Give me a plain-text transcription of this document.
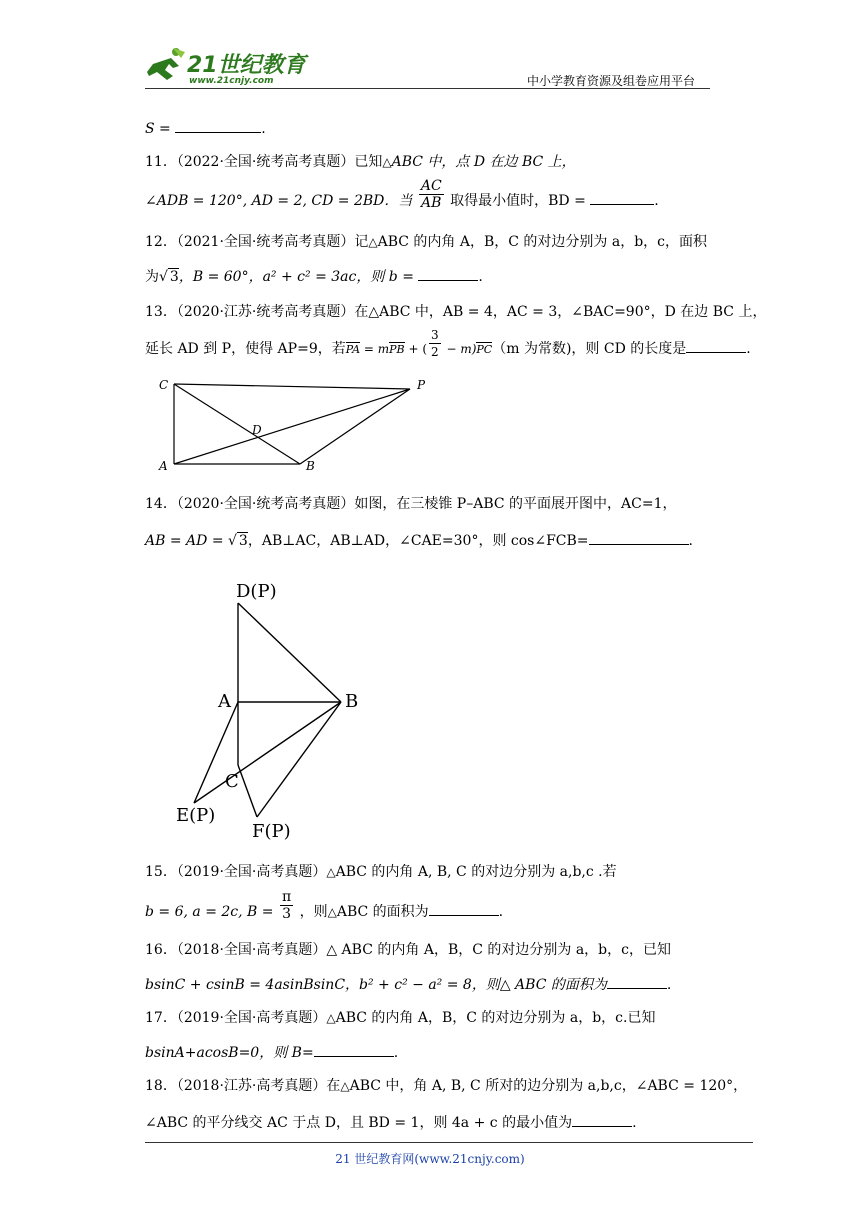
21世纪教育
www.21cnjy.com	中小学教育资源及组卷应用平台
S =	.
11．（2022·全国·统考高考真题）已知△ABC 中，点 D 在边 BC 上，
∠ADB = 120°, AD = 2, CD = 2BD．当 $\frac{AC}{AB}$ 取得最小值时，BD =	.
12．（2021·全国·统考高考真题）记△ABC 的内角 A，B，C 的对边分别为 a，b，c，面积
为√ 3，B = 60°，a² + c² = 3ac，则 b =	.
13．（2020·江苏·统考高考真题）在△ABC 中，AB = 4，AC = 3，∠BAC=90°，D 在边 BC 上，
延长 AD 到 P，使得 AP=9，若PA = mPB + ( $\frac{3}{2} - m)PC(m$ 为常数)，则 CD 的长度是	.
C	P
D
A	B
14．（2020·全国·统考高考真题）如图，在三棱锥 P–ABC 的平面展开图中，AC=1，
AB = AD = √ 3，AB⊥AC，AB⊥AD，∠CAE=30°，则 cos∠FCB=	.
D(P)
A	B
C
E(P)
F(P)
15．（2019·全国·高考真题）△ABC 的内角 A, B, C 的对边分别为 a,b,c .若
b = 6, a = 2c, $B = \frac{\pi}{3}$ ，则△ABC 的面积为	.
16．（2018·全国·高考真题）△ ABC 的内角 A，B，C 的对边分别为 a，b，c，已知
bsinC + csinB = 4asinBsinC，b² + c² − a² = 8，则△ ABC 的面积为	.
17．（2019·全国·高考真题）△ABC 的内角 A，B，C 的对边分别为 a，b，c.已知
bsinA+acosB=0，则 B=	.
18．（2018·江苏·高考真题）在△ABC 中，角 A, B, C 所对的边分别为 a,b,c，∠ABC = 120°，
∠ABC 的平分线交 AC 于点 D，且 BD = 1，则 4a + c 的最小值为	.
21 世纪教育网(www.21cnjy.com)
